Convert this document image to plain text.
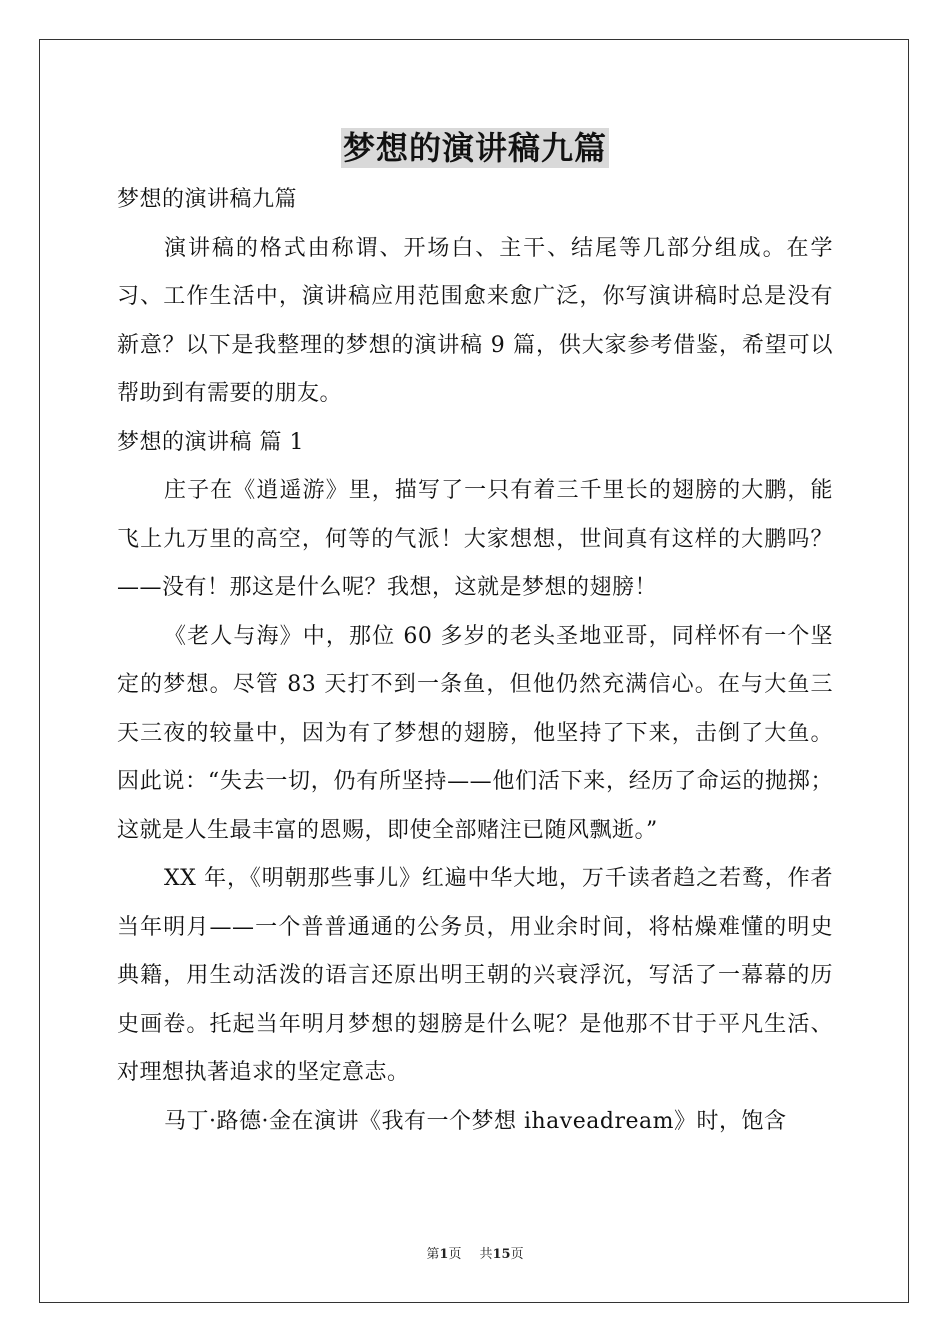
梦想的演讲稿九篇

梦想的演讲稿九篇

演讲稿的格式由称谓、开场白、主干、结尾等几部分组成。在学习、工作生活中，演讲稿应用范围愈来愈广泛，你写演讲稿时总是没有新意？以下是我整理的梦想的演讲稿 9 篇，供大家参考借鉴，希望可以帮助到有需要的朋友。

梦想的演讲稿 篇 1

庄子在《逍遥游》里，描写了一只有着三千里长的翅膀的大鹏，能飞上九万里的高空，何等的气派！大家想想，世间真有这样的大鹏吗？——没有！那这是什么呢？我想，这就是梦想的翅膀！

《老人与海》中，那位 60 多岁的老头圣地亚哥，同样怀有一个坚定的梦想。尽管 83 天打不到一条鱼，但他仍然充满信心。在与大鱼三天三夜的较量中，因为有了梦想的翅膀，他坚持了下来，击倒了大鱼。因此说：“失去一切，仍有所坚持——他们活下来，经历了命运的抛掷；这就是人生最丰富的恩赐，即使全部赌注已随风飘逝。”

XX 年，《明朝那些事儿》红遍中华大地，万千读者趋之若鹜，作者当年明月——一个普普通通的公务员，用业余时间，将枯燥难懂的明史典籍，用生动活泼的语言还原出明王朝的兴衰浮沉，写活了一幕幕的历史画卷。托起当年明月梦想的翅膀是什么呢？是他那不甘于平凡生活、对理想执著追求的坚定意志。

马丁·路德·金在演讲《我有一个梦想 ihaveadream》时，饱含

第1页 共15页
